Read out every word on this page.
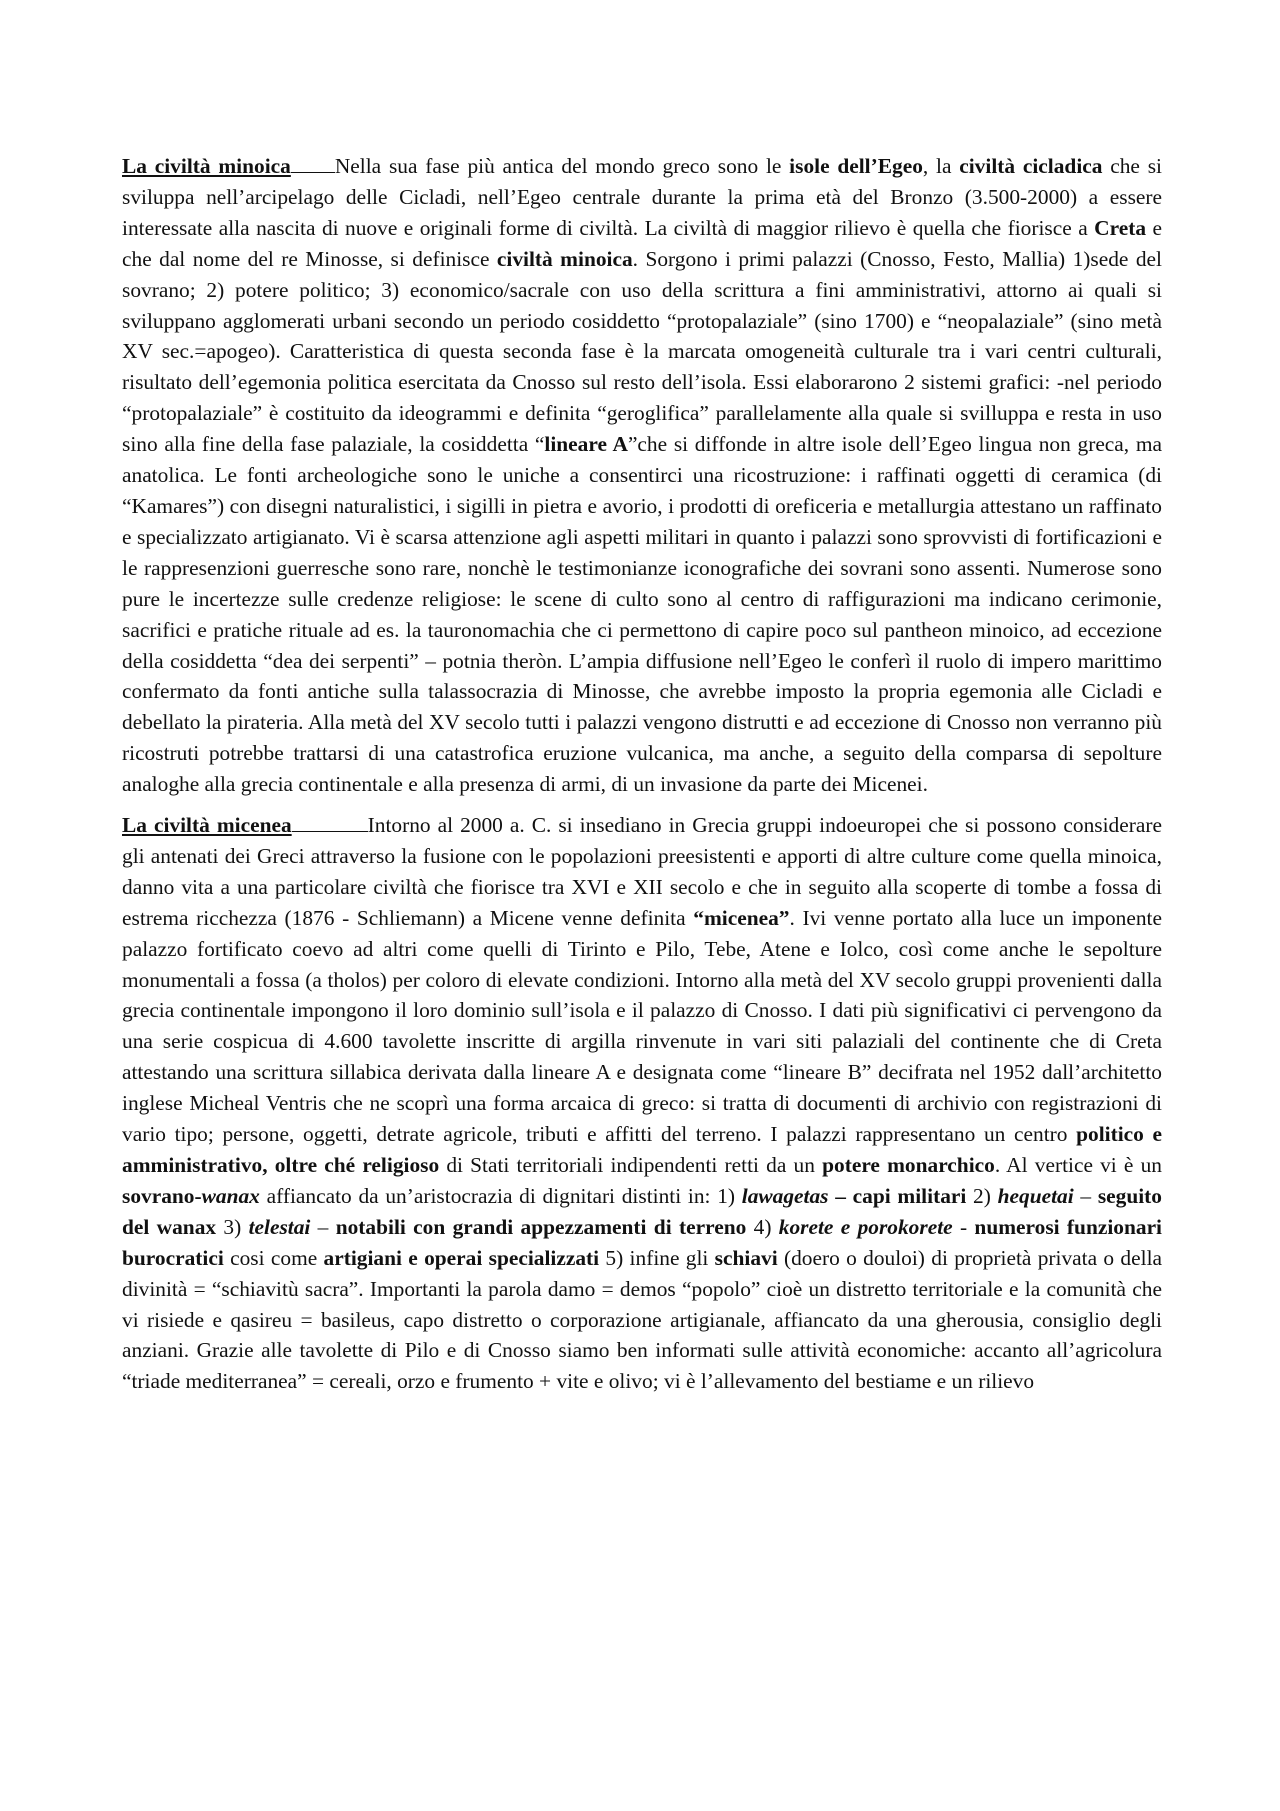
La civiltà minoica Nella sua fase più antica del mondo greco sono le isole dell’Egeo, la civiltà cicladica che si sviluppa nell’arcipelago delle Cicladi, nell’Egeo centrale durante la prima età del Bronzo (3.500-2000) a essere interessate alla nascita di nuove e originali forme di civiltà. La civiltà di maggior rilievo è quella che fiorisce a Creta e che dal nome del re Minosse, si definisce civiltà minoica. Sorgono i primi palazzi (Cnosso, Festo, Mallia) 1)sede del sovrano; 2) potere politico; 3) economico/sacrale con uso della scrittura a fini amministrativi, attorno ai quali si sviluppano agglomerati urbani secondo un periodo cosiddetto “protopalaziale” (sino 1700) e “neopalaziale” (sino metà XV sec.=apogeo). Caratteristica di questa seconda fase è la marcata omogeneità culturale tra i vari centri culturali, risultato dell’egemonia politica esercitata da Cnosso sul resto dell’isola. Essi elaborarono 2 sistemi grafici: -nel periodo “protopalaziale” è costituito da ideogrammi e definita “geroglifica” parallelamente alla quale si svilluppa e resta in uso sino alla fine della fase palaziale, la cosiddetta “lineare A”che si diffonde in altre isole dell’Egeo lingua non greca, ma anatolica. Le fonti archeologiche sono le uniche a consentirci una ricostruzione: i raffinati oggetti di ceramica (di “Kamares”) con disegni naturalistici, i sigilli in pietra e avorio, i prodotti di oreficeria e metallurgia attestano un raffinato e specializzato artigianato. Vi è scarsa attenzione agli aspetti militari in quanto i palazzi sono sprovvisti di fortificazioni e le rappresenzioni guerresche sono rare, nonchè le testimonianze iconografiche dei sovrani sono assenti. Numerose sono pure le incertezze sulle credenze religiose: le scene di culto sono al centro di raffigurazioni ma indicano cerimonie, sacrifici e pratiche rituale ad es. la tauronomachia che ci permettono di capire poco sul pantheon minoico, ad eccezione della cosiddetta “dea dei serpenti” – potnia theròn. L’ampia diffusione nell’Egeo le conferì il ruolo di impero marittimo confermato da fonti antiche sulla talassocrazia di Minosse, che avrebbe imposto la propria egemonia alle Cicladi e debellato la pirateria. Alla metà del XV secolo tutti i palazzi vengono distrutti e ad eccezione di Cnosso non verranno più ricostruti potrebbe trattarsi di una catastrofica eruzione vulcanica, ma anche, a seguito della comparsa di sepolture analoghe alla grecia continentale e alla presenza di armi, di un invasione da parte dei Micenei.

La civiltà micenea	Intorno al 2000 a. C. si insediano in Grecia gruppi indoeuropei che si possono considerare gli antenati dei Greci attraverso la fusione con le popolazioni preesistenti e apporti di altre culture come quella minoica, danno vita a una particolare civiltà che fiorisce tra XVI e XII secolo e che in seguito alla scoperte di tombe a fossa di estrema ricchezza (1876 - Schliemann) a Micene venne definita “micenea”. Ivi venne portato alla luce un imponente palazzo fortificato coevo ad altri come quelli di Tirinto e Pilo, Tebe, Atene e Iolco, così come anche le sepolture monumentali a fossa (a tholos) per coloro di elevate condizioni. Intorno alla metà del XV secolo gruppi provenienti dalla grecia continentale impongono il loro dominio sull’isola e il palazzo di Cnosso. I dati più significativi ci pervengono da una serie cospicua di 4.600 tavolette inscritte di argilla rinvenute in vari siti palaziali del continente che di Creta attestando una scrittura sillabica derivata dalla lineare A e designata come “lineare B” decifrata nel 1952 dall’architetto inglese Micheal Ventris che ne scoprì una forma arcaica di greco: si tratta di documenti di archivio con registrazioni di vario tipo; persone, oggetti, detrate agricole, tributi e affitti del terreno. I palazzi rappresentano un centro politico e amministrativo, oltre ché religioso di Stati territoriali indipendenti retti da un potere monarchico. Al vertice vi è un sovrano-wanax affiancato da un’aristocrazia di dignitari distinti in: 1) lawagetas – capi militari 2) hequetai – seguito del wanax 3) telestai – notabili con grandi appezzamenti di terreno 4) korete e porokorete - numerosi funzionari burocratici cosi come artigiani e operai specializzati 5) infine gli schiavi (doero o douloi) di proprietà privata o della divinità = “schiavitù sacra”. Importanti la parola damo = demos “popolo” cioè un distretto territoriale e la comunità che vi risiede e qasireu = basileus, capo distretto o corporazione artigianale, affiancato da una gherousia, consiglio degli anziani. Grazie alle tavolette di Pilo e di Cnosso siamo ben informati sulle attività economiche: accanto all’agricolura “triade mediterranea” = cereali, orzo e frumento + vite e olivo; vi è l’allevamento del bestiame e un rilievo
